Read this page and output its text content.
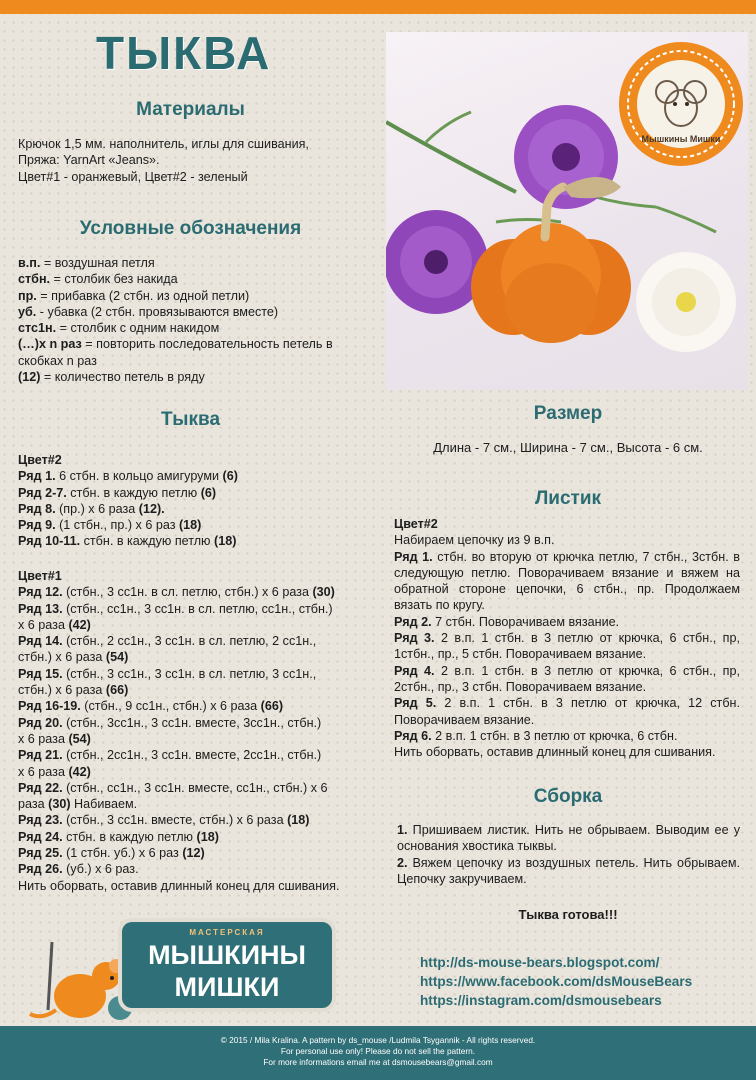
ТЫКВА
Материалы

Крючок 1,5 мм. наполнитель, иглы для сшивания,

Пряжа: YarnArt «Jeans».

Цвет#1 - оранжевый, Цвет#2 - зеленый

Условные обозначения

в.п. = воздушная петля

стбн. = столбик без накида

пр. = прибавка (2 стбн. из одной петли)

уб. - убавка (2 стбн. провязываются вместе)

стс1н. = столбик с одним накидом

(…)х n раз = повторить последовательность петель в

скобках n раз

(12) = количество петель в ряду

Тыква

Цвет#2

Ряд 1. 6 стбн. в кольцо амигуруми (6)

Ряд 2-7. стбн. в каждую петлю (6)

Ряд 8. (пр.) х 6 раза (12).

Ряд 9. (1 стбн., пр.) х 6 раз (18)

Ряд 10-11. стбн. в каждую петлю (18)

Цвет#1

Ряд 12. (стбн., 3 сс1н. в сл. петлю, стбн.) х 6 раза (30)

Ряд 13. (стбн., сс1н., 3 сс1н. в сл. петлю, сс1н., стбн.)

х 6 раза (42)

Ряд 14. (стбн., 2 сс1н., 3 сс1н. в сл. петлю, 2 сс1н.,

стбн.) х 6 раза (54)

Ряд 15. (стбн., 3 сс1н., 3 сс1н. в сл. петлю, 3 сс1н.,

стбн.) х 6 раза (66)

Ряд 16-19. (стбн., 9 сс1н., стбн.) х 6 раза (66)

Ряд 20. (стбн., 3сс1н., 3 сс1н. вместе, 3сс1н., стбн.)

х 6 раза (54)

Ряд 21. (стбн., 2сс1н., 3 сс1н. вместе, 2сс1н., стбн.)

х 6 раза (42)

Ряд 22. (стбн., сс1н., 3 сс1н. вместе, сс1н., стбн.) х 6

раза (30) Набиваем.

Ряд 23. (стбн., 3 сс1н. вместе, стбн.) х 6 раза (18)

Ряд 24. стбн. в каждую петлю (18)

Ряд 25. (1 стбн. уб.) х 6 раз (12)

Ряд 26. (уб.) х 6 раз.

Нить оборвать, оставив длинный конец для сшивания.

Мышкины Мишки
Размер

Длина - 7 см., Ширина - 7 см., Высота - 6 см.

Листик

Цвет#2

Набираем цепочку из 9 в.п.

Ряд 1. стбн. во вторую от крючка петлю, 7 стбн., 3стбн. в следующую петлю. Поворачиваем вязание и вяжем на обратной стороне цепочки, 6 стбн., пр. Продолжаем вязать по кругу.

Ряд 2. 7 стбн. Поворачиваем вязание.

Ряд 3. 2 в.п. 1 стбн. в 3 петлю от крючка, 6 стбн., пр, 1стбн., пр., 5 стбн. Поворачиваем вязание.

Ряд 4. 2 в.п. 1 стбн. в 3 петлю от крючка, 6 стбн., пр, 2стбн., пр., 3 стбн. Поворачиваем вязание.

Ряд 5. 2 в.п. 1 стбн. в 3 петлю от крючка, 12 стбн. Поворачиваем вязание.

Ряд 6. 2 в.п. 1 стбн. в 3 петлю от крючка, 6 стбн.

Нить оборвать, оставив длинный конец для сшивания.

Сборка

1. Пришиваем листик. Нить не обрываем. Выводим ее у основания хвостика тыквы.

2. Вяжем цепочку из воздушных петель. Нить обрываем. Цепочку закручиваем.

Тыква готова!!!

http://ds-mouse-bears.blogspot.com/

https://www.facebook.com/dsMouseBears

https://instagram.com/dsmousebears

МАСТЕРСКАЯ
МЫШКИНЫ
МИШКИ

© 2015 / Mila Kralina. A pattern by ds_mouse /Ludmila Tsygannik - All rights reserved.

For personal use only! Please do not sell the pattern.

For more informations email me at dsmousebears@gmail.com
